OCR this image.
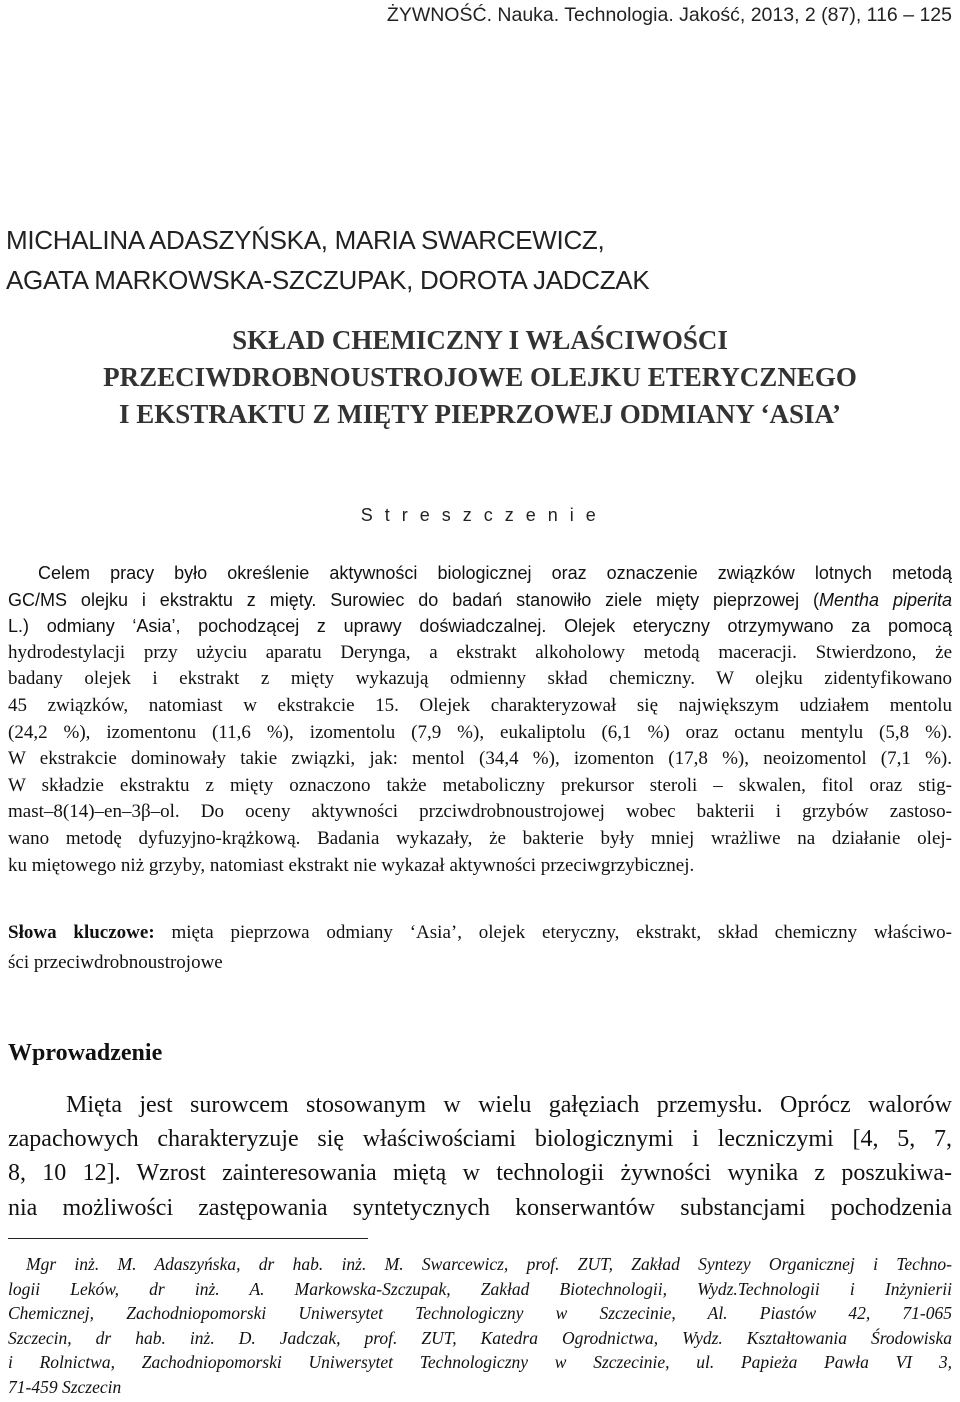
ŻYWNOŚĆ. Nauka. Technologia. Jakość, 2013, 2 (87), 116 – 125
MICHALINA ADASZYŃSKA, MARIA SWARCEWICZ,
AGATA MARKOWSKA-SZCZUPAK, DOROTA JADCZAK
SKŁAD CHEMICZNY I WŁAŚCIWOŚCI
PRZECIWDROBNOUSTROJOWE OLEJKU ETERYCZNEGO
I EKSTRAKTU Z MIĘTY PIEPRZOWEJ ODMIANY ‘ASIA’
S t r e s z c z e n i e
Celem pracy było określenie aktywności biologicznej oraz oznaczenie związków lotnych metodą
GC/MS olejku i ekstraktu z mięty. Surowiec do badań stanowiło ziele mięty pieprzowej (Mentha piperita
L.) odmiany ‘Asia’, pochodzącej z uprawy doświadczalnej. Olejek eteryczny otrzymywano za pomocą
hydrodestylacji przy użyciu aparatu Derynga, a ekstrakt alkoholowy metodą maceracji. Stwierdzono, że
badany olejek i ekstrakt z mięty wykazują odmienny skład chemiczny. W olejku zidentyfikowano
45 związków, natomiast w ekstrakcie 15. Olejek charakteryzował się największym udziałem mentolu
(24,2 %), izomentonu (11,6 %), izomentolu (7,9 %), eukaliptolu (6,1 %) oraz octanu mentylu (5,8 %).
W ekstrakcie dominowały takie związki, jak: mentol (34,4 %), izomenton (17,8 %), neoizomentol (7,1 %).
W składzie ekstraktu z mięty oznaczono także metaboliczny prekursor steroli – skwalen, fitol oraz stig-
mast–8(14)–en–3β–ol. Do oceny aktywności przciwdrobnoustrojowej wobec bakterii i grzybów zastoso-
wano metodę dyfuzyjno-krążkową. Badania wykazały, że bakterie były mniej wrażliwe na działanie olej-
ku miętowego niż grzyby, natomiast ekstrakt nie wykazał aktywności przeciwgrzybicznej.
Słowa kluczowe: mięta pieprzowa odmiany ‘Asia’, olejek eteryczny, ekstrakt, skład chemiczny właściwo-
ści przeciwdrobnoustrojowe
Wprowadzenie
Mięta jest surowcem stosowanym w wielu gałęziach przemysłu. Oprócz walorów
zapachowych charakteryzuje się właściwościami biologicznymi i leczniczymi [4, 5, 7,
8, 10 12]. Wzrost zainteresowania miętą w technologii żywności wynika z poszukiwa-
nia możliwości zastępowania syntetycznych konserwantów substancjami pochodzenia
Mgr inż. M. Adaszyńska, dr hab. inż. M. Swarcewicz, prof. ZUT, Zakład Syntezy Organicznej i Techno-
logii Leków, dr inż. A. Markowska-Szczupak, Zakład Biotechnologii, Wydz.Technologii i Inżynierii
Chemicznej, Zachodniopomorski Uniwersytet Technologiczny w Szczecinie, Al. Piastów 42, 71-065
Szczecin, dr hab. inż. D. Jadczak, prof. ZUT, Katedra Ogrodnictwa, Wydz. Kształtowania Środowiska
i Rolnictwa, Zachodniopomorski Uniwersytet Technologiczny w Szczecinie, ul. Papieża Pawła VI 3,
71-459 Szczecin
